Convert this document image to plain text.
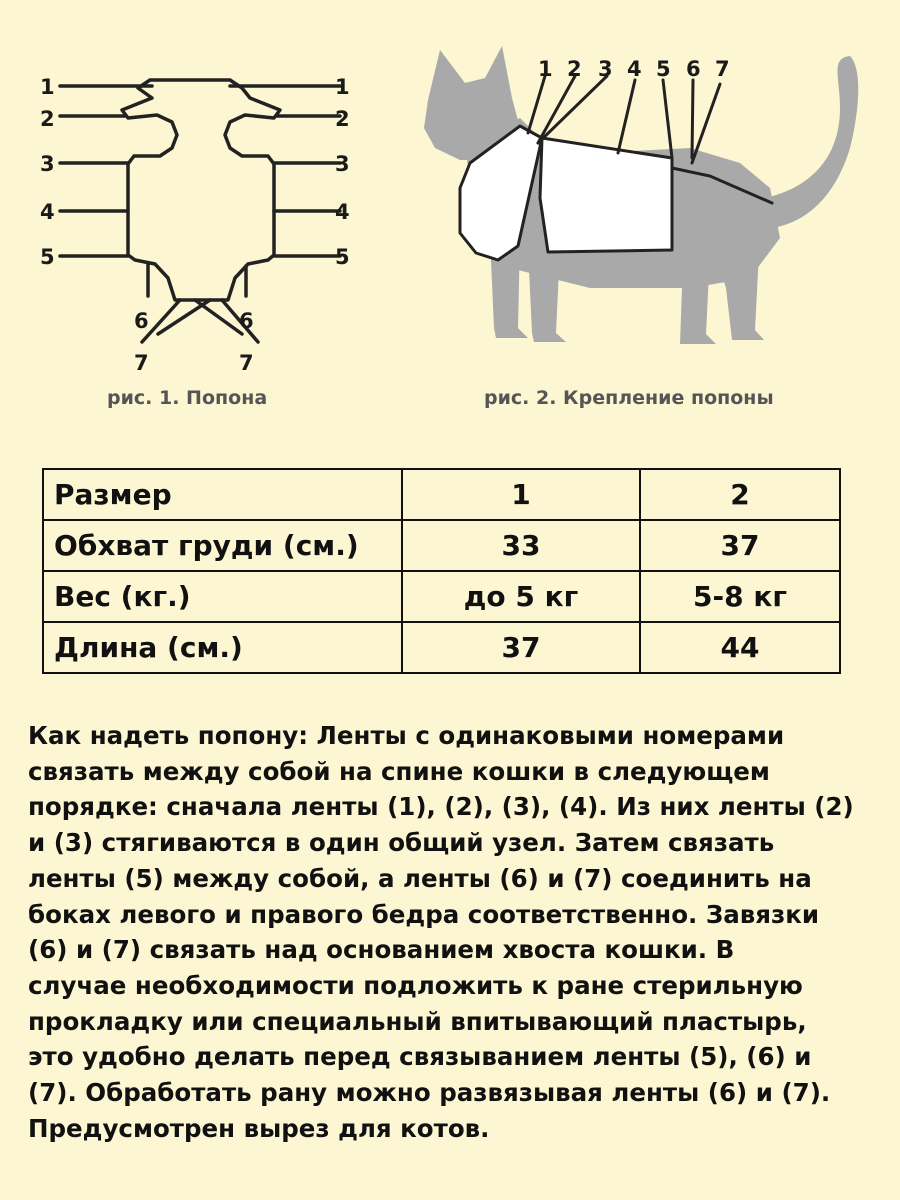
1
2
3
4
5
6
7
1
2
3
4
5
6
7
рис. 1. Попона
1 2 3 4 5 6 7
рис. 2. Крепление попоны
Размер	1	2
Обхват груди (см.)	33	37
Вес (кг.)	до 5 кг	5-8 кг
Длина (см.)	37	44
Как надеть попону: Ленты с одинаковыми номерами
связать между собой на спине кошки в следующем
порядке: сначала ленты (1), (2), (3), (4). Из них ленты (2)
и (3) стягиваются в один общий узел. Затем связать
ленты (5) между собой, а ленты (6) и (7) соединить на
боках левого и правого бедра соответственно. Завязки
(6) и (7) связать над основанием хвоста кошки. В
случае необходимости подложить к ране стерильную
прокладку или специальный впитывающий пластырь,
это удобно делать перед связыванием ленты (5), (6) и
(7). Обработать рану можно развязывая ленты (6) и (7).
Предусмотрен вырез для котов.
